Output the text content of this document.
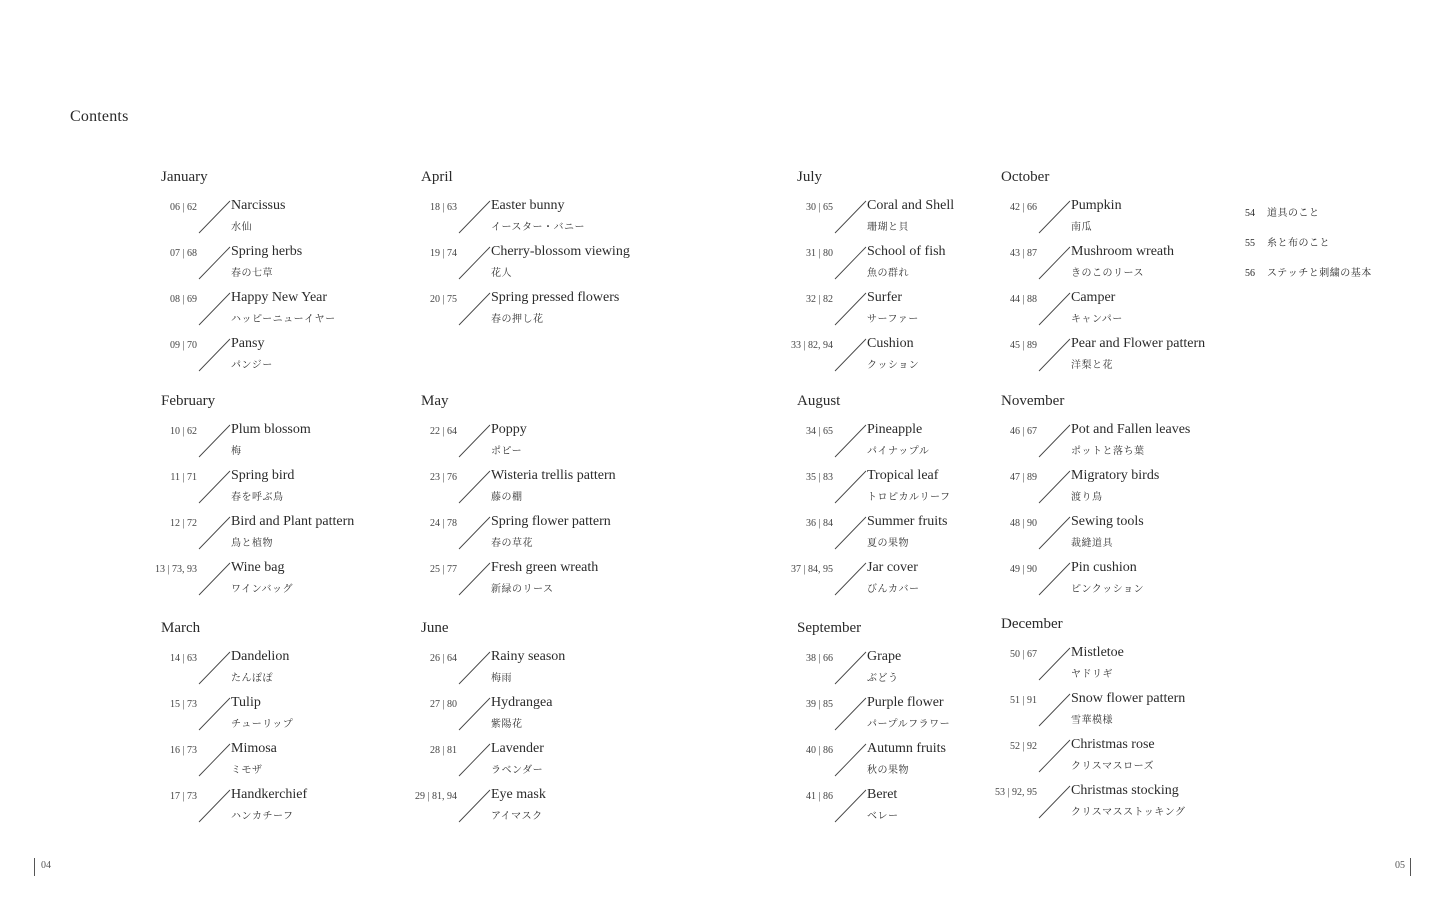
Contents
January
06 | 62 Narcissus
水仙
07 | 68 Spring herbs
春の七草
08 | 69 Happy New Year
ハッピーニューイヤー
09 | 70 Pansy
パンジー
February
10 | 62 Plum blossom
梅
11 | 71 Spring bird
春を呼ぶ鳥
12 | 72 Bird and Plant pattern
鳥と植物
13 | 73, 93 Wine bag
ワインバッグ
March
14 | 63 Dandelion
たんぽぽ
15 | 73 Tulip
チューリップ
16 | 73 Mimosa
ミモザ
17 | 73 Handkerchief
ハンカチーフ
April
18 | 63 Easter bunny
イースター・バニー
19 | 74 Cherry-blossom viewing
花人
20 | 75 Spring pressed flowers
春の押し花
May
22 | 64 Poppy
ポピー
23 | 76 Wisteria trellis pattern
藤の棚
24 | 78 Spring flower pattern
春の草花
25 | 77 Fresh green wreath
新緑のリース
June
26 | 64 Rainy season
梅雨
27 | 80 Hydrangea
紫陽花
28 | 81 Lavender
ラベンダー
29 | 81, 94 Eye mask
アイマスク
July
30 | 65 Coral and Shell
珊瑚と貝
31 | 80 School of fish
魚の群れ
32 | 82 Surfer
サーファー
33 | 82, 94 Cushion
クッション
August
34 | 65 Pineapple
パイナップル
35 | 83 Tropical leaf
トロピカルリーフ
36 | 84 Summer fruits
夏の果物
37 | 84, 95 Jar cover
びんカバー
September
38 | 66 Grape
ぶどう
39 | 85 Purple flower
パープルフラワー
40 | 86 Autumn fruits
秋の果物
41 | 86 Beret
ベレー
October
42 | 66 Pumpkin
南瓜
43 | 87 Mushroom wreath
きのこのリース
44 | 88 Camper
キャンパー
45 | 89 Pear and Flower pattern
洋梨と花
November
46 | 67 Pot and Fallen leaves
ポットと落ち葉
47 | 89 Migratory birds
渡り鳥
48 | 90 Sewing tools
裁縫道具
49 | 90 Pin cushion
ピンクッション
December
50 | 67 Mistletoe
ヤドリギ
51 | 91 Snow flower pattern
雪華模様
52 | 92 Christmas rose
クリスマスローズ
53 | 92, 95 Christmas stocking
クリスマスストッキング
54 道具のこと
55 糸と布のこと
56 ステッチと刺繍の基本
04	05
